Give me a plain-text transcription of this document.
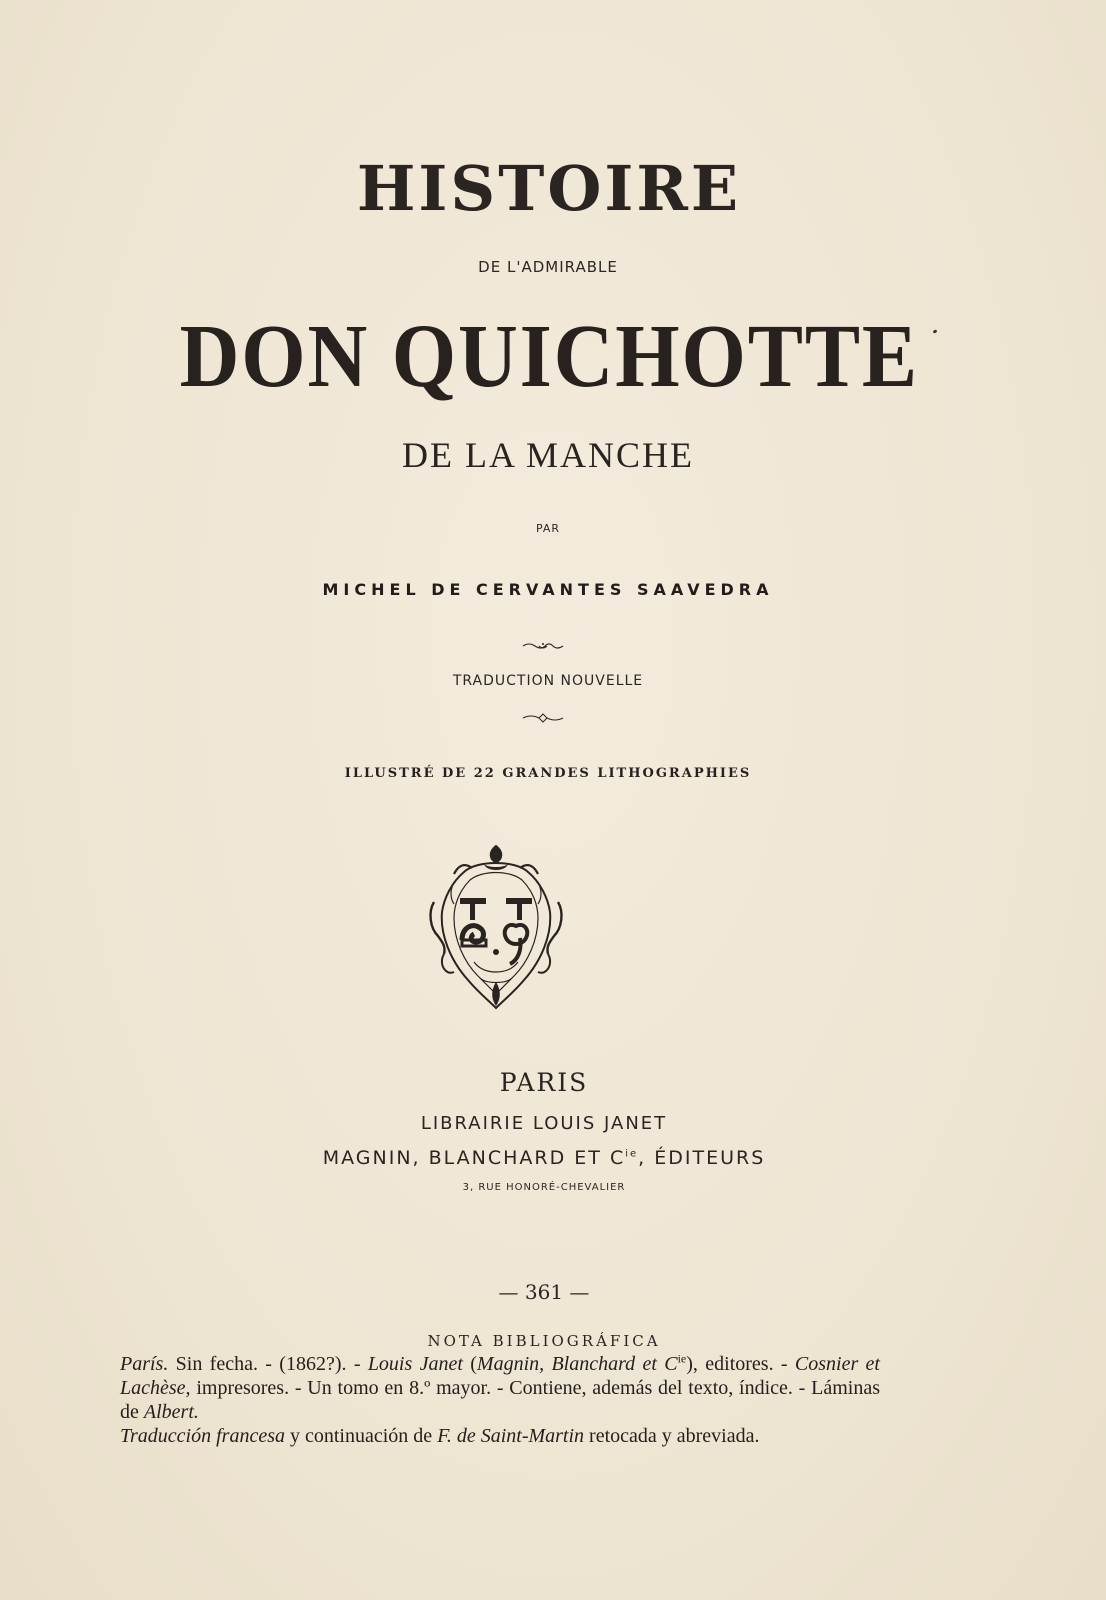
HISTOIRE
DE L'ADMIRABLE
DON QUICHOTTE
DE LA MANCHE
PAR
MICHEL DE CERVANTES SAAVEDRA
TRADUCTION NOUVELLE
ILLUSTRÉ DE 22 GRANDES LITHOGRAPHIES
PARIS
LIBRAIRIE LOUIS JANET
MAGNIN, BLANCHARD ET $C^{ie}$, ÉDITEURS
3, RUE HONORÉ-CHEVALIER
— 361 —
NOTA BIBLIOGRÁFICA

París. Sin fecha. - (1862?). - Louis Janet (Magnin, Blanchard et $C^{ie}$), editores. - Cosnier et Lachèse, impresores. - Un tomo en 8.º mayor. - Contiene, además del texto, índice. - Láminas de Albert.

Traducción francesa y continuación de F. de Saint-Martin retocada y abreviada.
